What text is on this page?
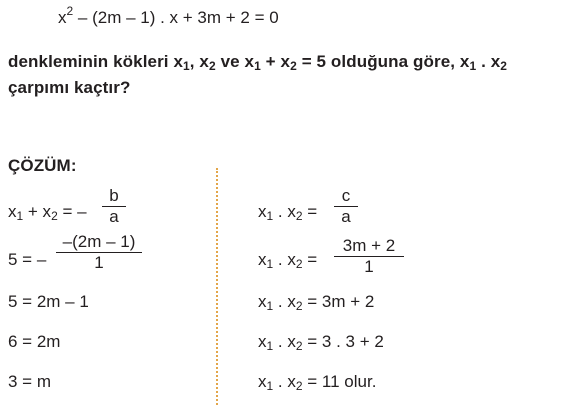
$x^2 - (2m - 1)$ . x + 3m + 2 = 0
denkleminin kökleri $x_1$, $x_2$ ve $x_1 + x_2 = 5$ olduğuna göre, $x_1$ . $x_2$
çarpımı kaçtır?
ÇÖZÜM:
$x_1 + x_2$ = –
b
a
5 = –
–(2m – 1)
1
5 = 2m – 1
6 = 2m
3 = m
$x_1$ . $x_2$ =
c
a
$x_1$ . $x_2$ =
3m + 2
1
$x_1$ . $x_2 = 3m + 2$
$x_1$ . $x_2 = 3$ . 3 + 2
$x_1$ . $x_2 = 11$ olur.
